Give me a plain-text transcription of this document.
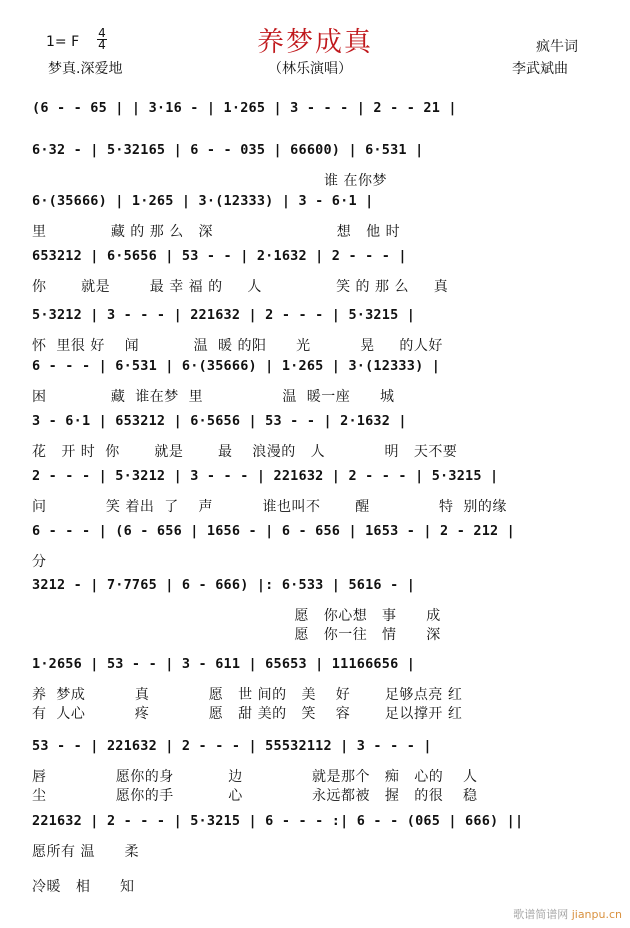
养梦成真
1= F
4
4	疯牛词
梦真.深爱地	（林乐演唱）	李武斌曲
(6 - - 65 | | 3·16 - | 1·265 | 3 - - - | 2 - - 21 |
6·32 - | 5·32165 | 6 - - 035 | 66600) | 6·531 |
谁 在你梦
6·(35666) | 1·265 | 3·(12333) | 3 - 6·1 |
里             藏 的 那 么   深                         想   他 时
653212 | 6·5656 | 53 - - | 2·1632 | 2 - - - |
你       就是        最 幸 福 的     人               笑 的 那 么     真
5·3212 | 3 - - - | 221632 | 2 - - - | 5·3215 |
怀  里很 好    闻           温  暖 的阳      光          晃     的人好
6 - - - | 6·531 | 6·(35666) | 1·265 | 3·(12333) |
困             藏  谁在梦  里                温  暖一座      城
3 - 6·1 | 653212 | 6·5656 | 53 - - | 2·1632 |
花   开 时  你       就是       最    浪漫的   人            明   天不要
2 - - - | 5·3212 | 3 - - - | 221632 | 2 - - - | 5·3215 |
问            笑 着出  了    声          谁也叫不       醒              特  别的缘
6 - - - | (6 - 656 | 1656 - | 6 - 656 | 1653 - | 2 - 212 |
分
3212 - | 7·7765 | 6 - 666) |: 6·533 | 5616 - |
愿   你心想   事      成
愿   你一往   情      深
1·2656 | 53 - - | 3 - 611 | 65653 | 11166656 |
养  梦成          真            愿   世 间的   美    好       足够点亮 红
有  人心          疼            愿   甜 美的   笑    容       足以撑开 红
53 - - | 221632 | 2 - - - | 55532112 | 3 - - - |
唇              愿你的身           边              就是那个   痴   心的    人
尘              愿你的手           心              永远都被   握   的很    稳
221632 | 2 - - - | 5·3215 | 6 - - - :| 6 - - (065 | 666) ||
愿所有 温      柔
冷暖   相      知
歌谱简谱网 jianpu.cn
